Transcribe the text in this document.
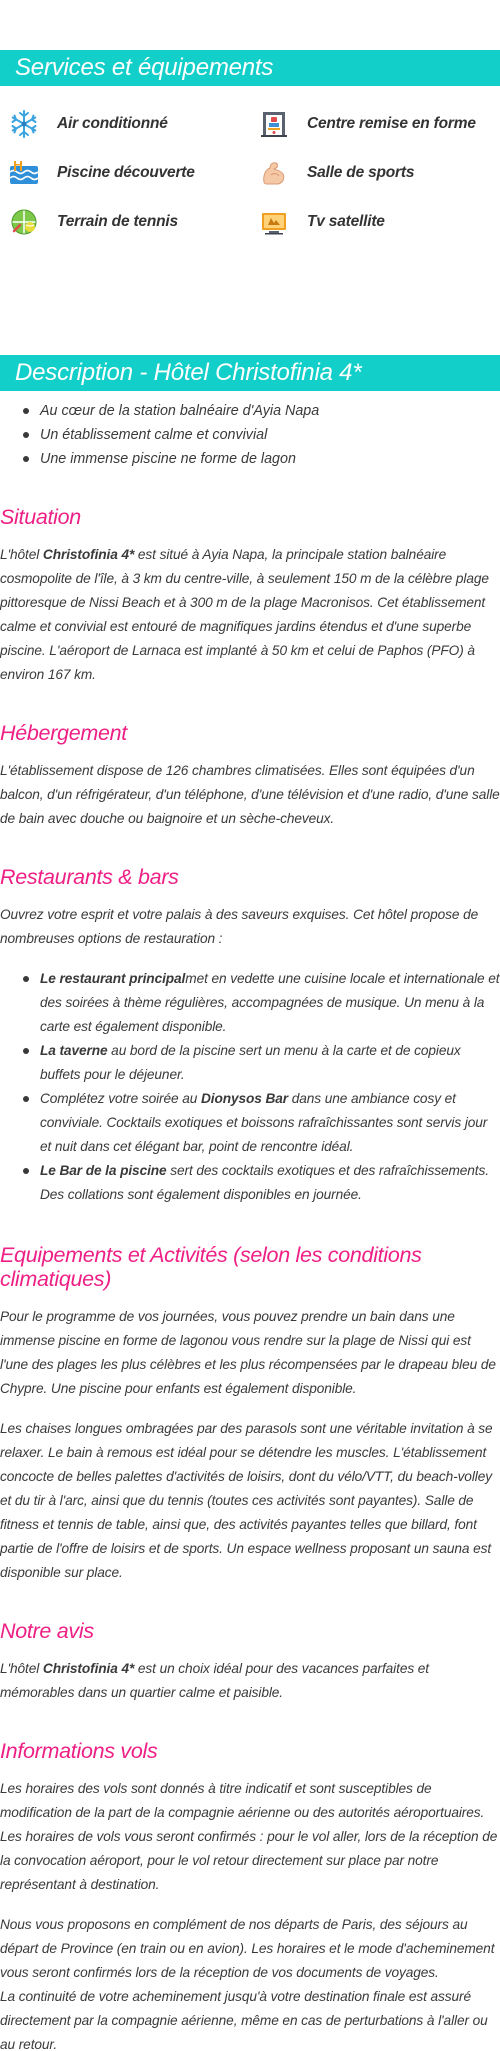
Services et équipements
Air conditionné	Centre remise en forme
Piscine découverte	Salle de sports
Terrain de tennis	Tv satellite
Description - Hôtel Christofinia 4*
Au cœur de la station balnéaire d'Ayia Napa
Un établissement calme et convivial
Une immense piscine ne forme de lagon
Situation

L'hôtel Christofinia 4* est situé à Ayia Napa, la principale station balnéaire cosmopolite de l'île, à 3 km du centre-ville, à seulement 150 m de la célèbre plage pittoresque de Nissi Beach et à 300 m de la plage Macronisos. Cet établissement calme et convivial est entouré de magnifiques jardins étendus et d'une superbe piscine. L'aéroport de Larnaca est implanté à 50 km et celui de Paphos (PFO) à environ 167 km.

Hébergement

L'établissement dispose de 126 chambres climatisées. Elles sont équipées d'un balcon, d'un réfrigérateur, d'un téléphone, d'une télévision et d'une radio, d'une salle de bain avec douche ou baignoire et un sèche-cheveux.

Restaurants & bars

Ouvrez votre esprit et votre palais à des saveurs exquises. Cet hôtel propose de nombreuses options de restauration :

Le restaurant principalmet en vedette une cuisine locale et internationale et des soirées à thème régulières, accompagnées de musique. Un menu à la carte est également disponible.
La taverne au bord de la piscine sert un menu à la carte et de copieux buffets pour le déjeuner.
Complétez votre soirée au Dionysos Bar dans une ambiance cosy et conviviale. Cocktails exotiques et boissons rafraîchissantes sont servis jour et nuit dans cet élégant bar, point de rencontre idéal.
Le Bar de la piscine sert des cocktails exotiques et des rafraîchissements. Des collations sont également disponibles en journée.
Equipements et Activités (selon les conditions climatiques)

Pour le programme de vos journées, vous pouvez prendre un bain dans une immense piscine en forme de lagonou vous rendre sur la plage de Nissi qui est l'une des plages les plus célèbres et les plus récompensées par le drapeau bleu de Chypre. Une piscine pour enfants est également disponible.

Les chaises longues ombragées par des parasols sont une véritable invitation à se relaxer. Le bain à remous est idéal pour se détendre les muscles. L'établissement concocte de belles palettes d'activités de loisirs, dont du vélo/VTT, du beach-volley et du tir à l'arc, ainsi que du tennis (toutes ces activités sont payantes). Salle de fitness et tennis de table, ainsi que, des activités payantes telles que billard, font partie de l'offre de loisirs et de sports. Un espace wellness proposant un sauna est disponible sur place.

Notre avis

L'hôtel Christofinia 4* est un choix idéal pour des vacances parfaites et mémorables dans un quartier calme et paisible.

Informations vols

Les horaires des vols sont donnés à titre indicatif et sont susceptibles de modification de la part de la compagnie aérienne ou des autorités aéroportuaires.

Les horaires de vols vous seront confirmés : pour le vol aller, lors de la réception de la convocation aéroport, pour le vol retour directement sur place par notre représentant à destination.

Nous vous proposons en complément de nos départs de Paris, des séjours au départ de Province (en train ou en avion). Les horaires et le mode d'acheminement vous seront confirmés lors de la réception de vos documents de voyages.

La continuité de votre acheminement jusqu'à votre destination finale est assuré directement par la compagnie aérienne, même en cas de perturbations à l'aller ou au retour.
